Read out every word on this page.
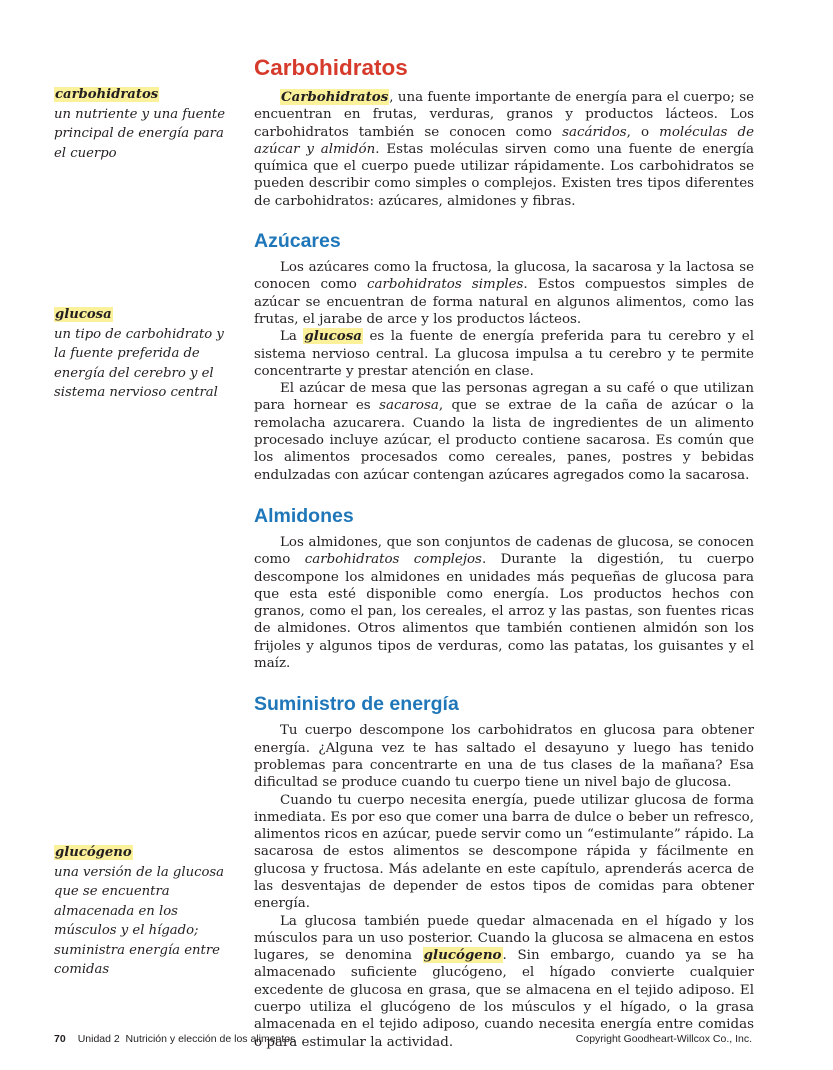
carbohidratos
un nutriente y una fuente principal de energía para el cuerpo
glucosa
un tipo de carbohidrato y la fuente preferida de energía del cerebro y el sistema nervioso central
glucógeno
una versión de la glucosa que se encuentra almacenada en los músculos y el hígado; suministra energía entre comidas
Carbohidratos

Carbohidratos, una fuente importante de energía para el cuerpo; se encuentran en frutas, verduras, granos y productos lácteos. Los carbohidratos también se conocen como sacáridos, o moléculas de azúcar y almidón. Estas moléculas sirven como una fuente de energía química que el cuerpo puede utilizar rápidamente. Los carbohidratos se pueden describir como simples o complejos. Existen tres tipos diferentes de carbohidratos: azúcares, almidones y fibras.

Azúcares

Los azúcares como la fructosa, la glucosa, la sacarosa y la lactosa se conocen como carbohidratos simples. Estos compuestos simples de azúcar se encuentran de forma natural en algunos alimentos, como las frutas, el jarabe de arce y los productos lácteos.

La glucosa es la fuente de energía preferida para tu cerebro y el sistema nervioso central. La glucosa impulsa a tu cerebro y te permite concentrarte y prestar atención en clase.

El azúcar de mesa que las personas agregan a su café o que utilizan para hornear es sacarosa, que se extrae de la caña de azúcar o la remolacha azucarera. Cuando la lista de ingredientes de un alimento procesado incluye azúcar, el producto contiene sacarosa. Es común que los alimentos procesados como cereales, panes, postres y bebidas endulzadas con azúcar contengan azúcares agregados como la sacarosa.

Almidones

Los almidones, que son conjuntos de cadenas de glucosa, se conocen como carbohidratos complejos. Durante la digestión, tu cuerpo descompone los almidones en unidades más pequeñas de glucosa para que esta esté disponible como energía. Los productos hechos con granos, como el pan, los cereales, el arroz y las pastas, son fuentes ricas de almidones. Otros alimentos que también contienen almidón son los frijoles y algunos tipos de verduras, como las patatas, los guisantes y el maíz.

Suministro de energía

Tu cuerpo descompone los carbohidratos en glucosa para obtener energía. ¿Alguna vez te has saltado el desayuno y luego has tenido problemas para concentrarte en una de tus clases de la mañana? Esa dificultad se produce cuando tu cuerpo tiene un nivel bajo de glucosa.

Cuando tu cuerpo necesita energía, puede utilizar glucosa de forma inmediata. Es por eso que comer una barra de dulce o beber un refresco, alimentos ricos en azúcar, puede servir como un “estimulante” rápido. La sacarosa de estos alimentos se descompone rápida y fácilmente en glucosa y fructosa. Más adelante en este capítulo, aprenderás acerca de las desventajas de depender de estos tipos de comidas para obtener energía.

La glucosa también puede quedar almacenada en el hígado y los músculos para un uso posterior. Cuando la glucosa se almacena en estos lugares, se denomina glucógeno. Sin embargo, cuando ya se ha almacenado suficiente glucógeno, el hígado convierte cualquier excedente de glucosa en grasa, que se almacena en el tejido adiposo. El cuerpo utiliza el glucógeno de los músculos y el hígado, o la grasa almacenada en el tejido adiposo, cuando necesita energía entre comidas o para estimular la actividad.

70 Unidad 2  Nutrición y elección de los alimentos	Copyright Goodheart-Willcox Co., Inc.
